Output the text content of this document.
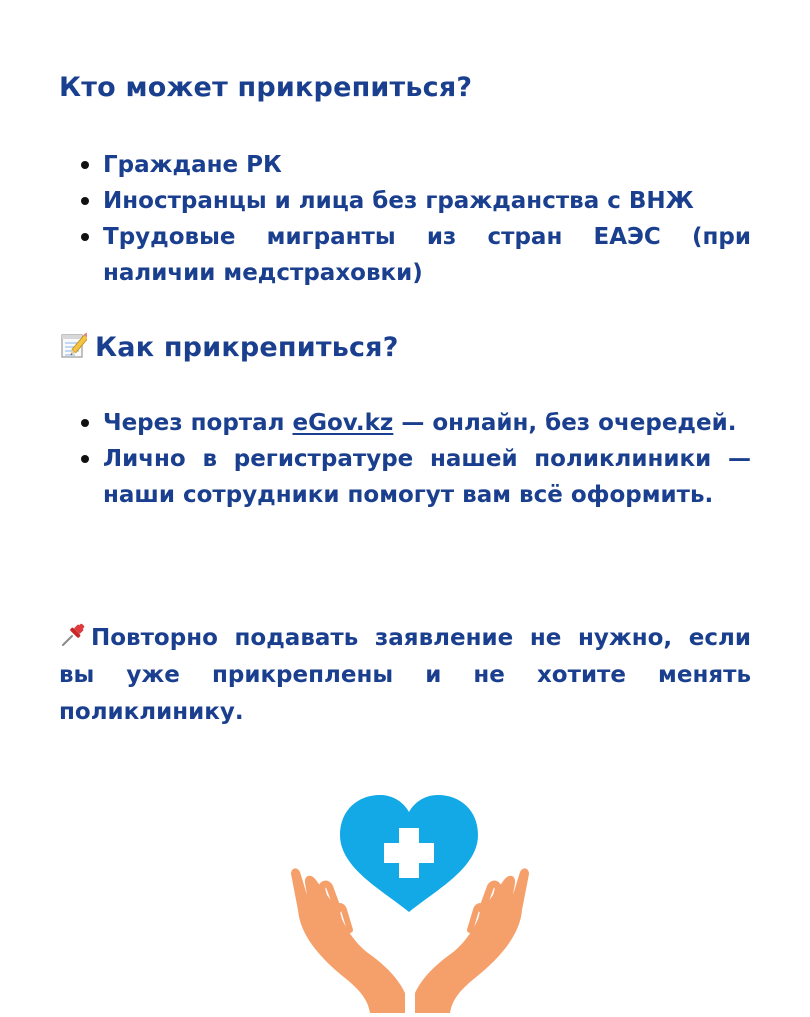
Кто может прикрепиться?
Граждане РК
Иностранцы и лица без гражданства с ВНЖ
Трудовые мигранты из стран ЕАЭС (при наличии медстраховки)
Как прикрепиться?
Через портал eGov.kz — онлайн, без очередей.
Лично в регистратуре нашей поликлиники — наши сотрудники помогут вам всё оформить.

Повторно подавать заявление не нужно, если вы уже прикреплены и не хотите менять поликлинику.
